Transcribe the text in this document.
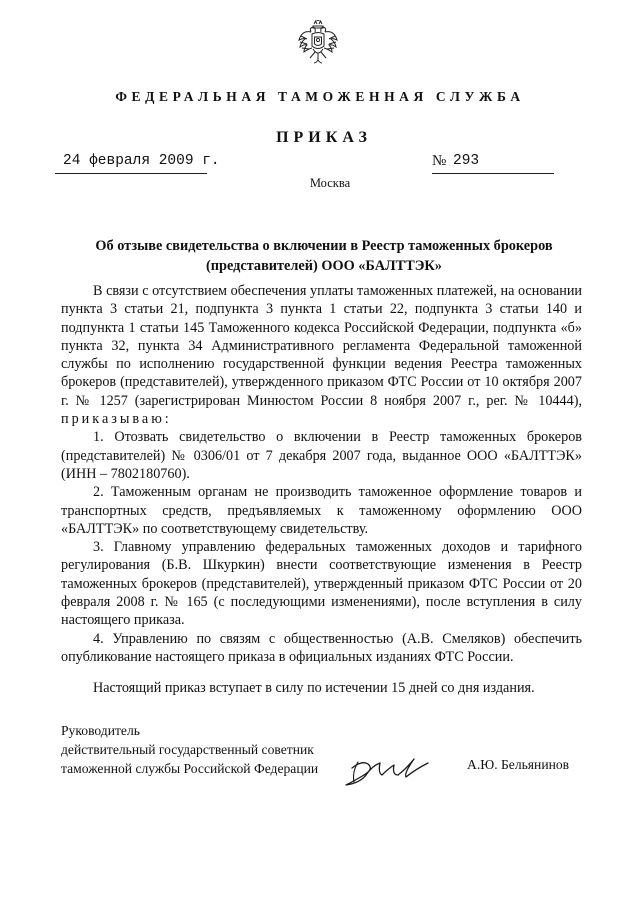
ФЕДЕРАЛЬНАЯ ТАМОЖЕННАЯ СЛУЖБА
ПРИКАЗ
24 февраля 2009 г.	№ 293
Москва
Об отзыве свидетельства о включении в Реестр таможенных брокеров
(представителей) ООО «БАЛТТЭК»

В связи с отсутствием обеспечения уплаты таможенных платежей, на основании пункта 3 статьи 21, подпункта 3 пункта 1 статьи 22, подпункта 3 статьи 140 и подпункта 1 статьи 145 Таможенного кодекса Российской Федерации, подпункта «б» пункта 32, пункта 34 Административного регламента Федеральной таможенной службы по исполнению государственной функции ведения Реестра таможенных брокеров (представителей), утвержденного приказом ФТС России от 10 октября 2007 г. № 1257 (зарегистрирован Минюстом России 8 ноября 2007 г., рег. № 10444), приказываю:

1. Отозвать свидетельство о включении в Реестр таможенных брокеров (представителей) № 0306/01 от 7 декабря 2007 года, выданное ООО «БАЛТТЭК» (ИНН – 7802180760).

2. Таможенным органам не производить таможенное оформление товаров и транспортных средств, предъявляемых к таможенному оформлению ООО «БАЛТТЭК» по соответствующему свидетельству.

3. Главному управлению федеральных таможенных доходов и тарифного регулирования (Б.В. Шкуркин) внести соответствующие изменения в Реестр таможенных брокеров (представителей), утвержденный приказом ФТС России от 20 февраля 2008 г. № 165 (с последующими изменениями), после вступления в силу настоящего приказа.

4. Управлению по связям с общественностью (А.В. Смеляков) обеспечить опубликование настоящего приказа в официальных изданиях ФТС России.

Настоящий приказ вступает в силу по истечении 15 дней со дня издания.

Руководитель
действительный государственный советник
таможенной службы Российской Федерации	А.Ю. Бельянинов
